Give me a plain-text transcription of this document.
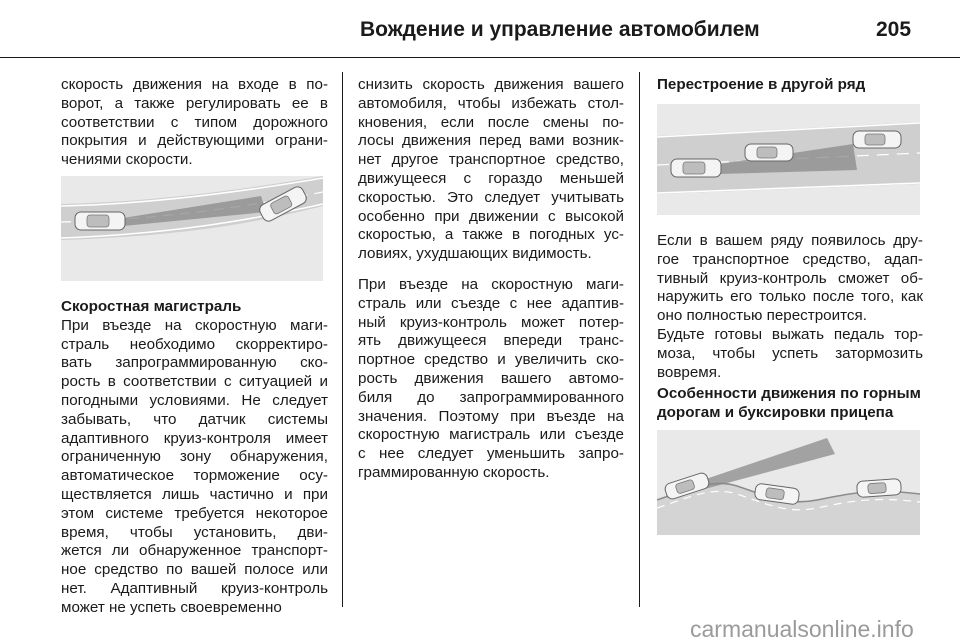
Вождение и управление автомобилем	205
скорость движения на входе в по-
ворот, а также регулировать ее в
соответствии с типом дорожного
покрытия и действующими ограни-
чениями скорости.
Скоростная магистраль
При въезде на скоростную маги-
страль необходимо скорректиро-
вать запрограммированную ско-
рость в соответствии с ситуацией и
погодными условиями. Не следует
забывать, что датчик системы
адаптивного круиз-контроля имеет
ограниченную зону обнаружения,
автоматическое торможение осу-
ществляется лишь частично и при
этом системе требуется некоторое
время, чтобы установить, дви-
жется ли обнаруженное транспорт-
ное средство по вашей полосе или
нет. Адаптивный круиз-контроль
может не успеть своевременно
снизить скорость движения вашего
автомобиля, чтобы избежать стол-
кновения, если после смены по-
лосы движения перед вами возник-
нет другое транспортное средство,
движущееся с гораздо меньшей
скоростью. Это следует учитывать
особенно при движении с высокой
скоростью, а также в погодных ус-
ловиях, ухудшающих видимость.
При въезде на скоростную маги-
страль или съезде с нее адаптив-
ный круиз-контроль может потер-
ять движущееся впереди транс-
портное средство и увеличить ско-
рость движения вашего автомо-
биля до запрограммированного
значения. Поэтому при въезде на
скоростную магистраль или съезде
с нее следует уменьшить запро-
граммированную скорость.
Перестроение в другой ряд
Если в вашем ряду появилось дру-
гое транспортное средство, адап-
тивный круиз-контроль сможет об-
наружить его только после того, как
оно полностью перестроится.
Будьте готовы выжать педаль тор-
моза, чтобы успеть затормозить
вовремя.
Особенности движения по горным
дорогам и буксировки прицепа
carmanualsonline.info
